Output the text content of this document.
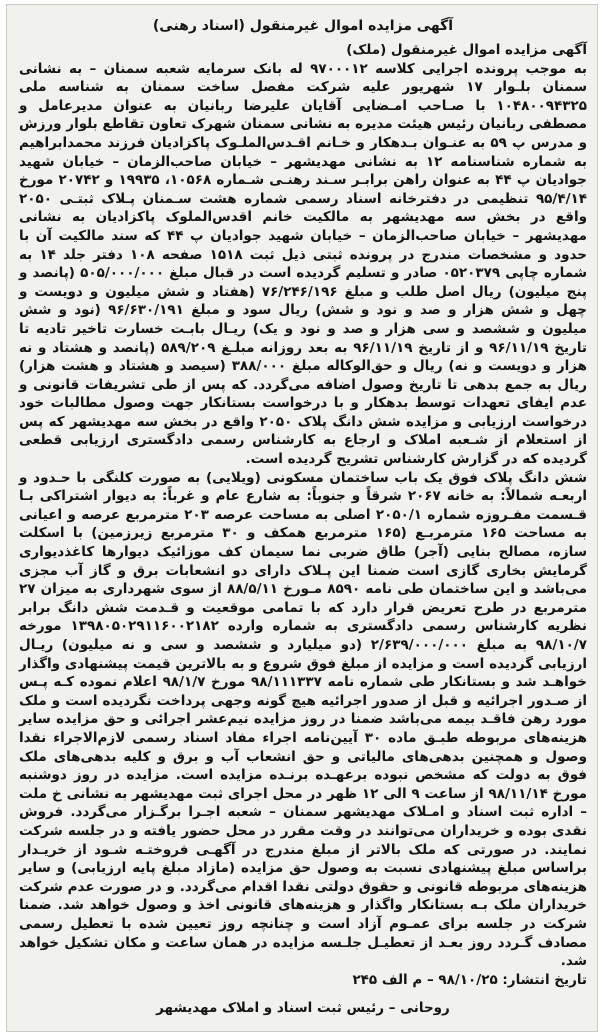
آگهی مزایده اموال غیرمنقول (اسناد رهنی)

آگهی مزایده اموال غیرمنقول (ملک)

به موجب پرونده اجرایی کلاسه ۹۷۰۰۰۱۲ له بانک سرمایه شعبه سمنان – به نشانی سمنان بلـوار ۱۷ شهریور علیه شرکت مفصل ساخت سمنان به شناسه ملی ۱۰۴۸۰۰۹۴۳۲۵ با صـاحب امـضایی آقایان علیرضا ربانیان به عنوان مدیرعامل و مصطفی ربانیان رئیس هیئت مدیره به نشانی سمنان شهرک تعاون تقاطع بلوار ورزش و مدرس پ ۵۹ به عنـوان بـدهکار و خـانم اقـدس‌الملـوک پاکزادیان فرزند محمدابراهیم به شماره شناسنامه ۱۲ به نشانی مهدیشهر – خیابان صاحب‌الزمان – خیابان شهید جوادیان پ ۴۴ به عنوان راهن برابـر سـند رهنـی شـماره ۱۰۵۶۸، ۱۹۹۳۵ و ۲۰۷۴۲ مورخ ۹۵/۴/۱۴ تنظیمی در دفترخانه اسناد رسمی شماره هشت سـمنان پـلاک ثبتـی ۲۰۵۰ واقع در بخش سه مهدیشهر به مالکیت خانم اقدس‌الملوک پاکزادیان به نشانی مهدیشهر – خیابان صاحب‌الزمان – خیابان شهید جوادیان پ ۴۴ که سند مالکیت آن با حدود و مشخصات مندرج در پرونده ثبتی ذیل ثبت ۱۵۱۸ صفحه ۱۰۸ دفتر جلد ۱۴ به شماره چاپی ۰۵۲۰۳۷۹ صادر و تسلیم گردیده است در قبال مبلغ ۵۰۵/۰۰۰/۰۰۰ (پانصد و پنج میلیون) ریال اصل طلب و مبلغ ۷۶/۲۴۶/۱۹۶ (هفتاد و شش میلیون و دویست و چهل و شش هزار و صد و نود و شش) ریال سود و مبلغ ۹۶/۶۳۰/۱۹۱ (نود و شش میلیون و ششصد و سی هزار و صد و نود و یک) ریـال بابـت خسارت تاخیر تادیه تا تاریخ ۹۶/۱۱/۱۹ و از تاریخ ۹۶/۱۱/۱۹ به بعد روزانه مبلـغ ۵۸۹/۲۰۹ (پانصد و هشتاد و نه هزار و دویست و نه) ریال و حق‌الوکاله مبلغ ۳۸۸/۰۰۰ (سیصد و هشتاد و هشت هزار) ریال به جمع بدهی تا تاریخ وصول اضافه می‌گردد. که پس از طی تشریفات قانونی و عدم ایفای تعهدات توسط بدهکار و با درخواست بستانکار جهت وصول مطالبات خود درخواست ارزیابی و مزایده شش دانگ پلاک ۲۰۵۰ واقع در بخش سه مهدیشهر که پس از استعلام از شـعبه املاک و ارجاع به کارشناس رسمی دادگستری ارزیابی قطعی گردیده که در گزارش کارشناس تشریح گردیده است.

شش دانگ پلاک فوق یک باب ساختمان مسکونی (ویلایی) به صورت کلنگی با حـدود و اربعـه شمالاً: به خانه ۲۰۶۷ شرقاً و جنوباً: به شارع عام و غرباً: به دیوار اشتراکی بـا قـسمت مفـروزه شماره ۲۰۵۰/۱ اصلی به مساحت عرصه ۲۰۳ مترمربع عرصه و اعیانی به مساحت ۱۶۵ مترمربـع (۱۶۵ مترمربع همکف و ۳۰ مترمربع زیرزمین) با اسکلت سازه، مصالح بنایی (آجر) طاق ضربی نما سیمان کف موزائیک دیوارها کاغذدیواری گرمایش بخاری گازی است ضمنا این پـلاک دارای دو انشعابات برق و گاز آب مجزی می‌باشد و این ساختمان طی نامه ۸۵۹۰ مـورخ ۸۸/۵/۱۱ از سوی شهرداری به میزان ۲۷ مترمربع در طرح تعریض قرار دارد که با تمامی موقعیت و قـدمت شش دانگ برابر نظریه کارشناس رسمی دادگستری به شماره وارده ۱۳۹۸۰۵۰۲۹۱۱۶۰۰۲۱۸۲ مورخه ۹۸/۱۰/۷ به مبلغ ۲/۶۳۹/۰۰۰/۰۰۰ (دو میلیارد و ششصد و سی و نه میلیون) ریـال ارزیابی گردیده است و مزایده از مبلغ فوق شروع و به بالاترین قیمت پیشنهادی واگذار خواهـد شد و بستانکار طی شماره نامه ۹۸/۱۱۱۳۳۷ مورخ ۹۸/۱/۷ اعلام نموده کـه پـس از صـدور اجرائیه و قبل از صدور اجرائیه هیچ گونه وجهی پرداخت نگردیده است و ملک مورد رهن فاقـد بیمه می‌باشد ضمنا در روز مزایده نیم‌عشر اجرائی و حق مزایده سایر هزینه‌های مربوطه طبـق ماده ۳۰ آیین‌نامه اجراء مفاد اسناد رسمی لازم‌الاجراء نقدا وصول و همچنین بدهی‌های مالیاتی و حق انشعاب آب و برق و کلیه بدهی‌های ملک فوق به دولت که مشخص نبوده برعهـده برنـده مزایده است. مزایده در روز دوشنبه مورخ ۹۸/۱۱/۱۴ از ساعت ۹ الی ۱۲ ظهر در محل اجرای ثبت مهدیشهر به نشانی خ ملت – اداره ثبت اسناد و امـلاک مهدیشهر سمنان – شعبه اجـرا برگـزار می‌گردد. فروش نقدی بوده و خریداران می‌توانند در وقت مقرر در محل حضور یافته و در جلسه شرکت نمایند. در صورتی که ملک بالاتر از مبلغ مندرج در آگهـی فروختـه شـود از خریـدار براساس مبلغ پیشنهادی نسبت به وصول حق مزایده (مازاد مبلغ پایه ارزیابی) و سایر هزینه‌های مربوطه قانونی و حقوق دولتی نقدا اقدام می‌گردد. و در صورت عدم شرکت خریداران ملک بـه بستانکار واگذار و هزینه‌های قانونی اخذ و وصول خواهد شد. ضمنا شرکت در جلسه برای عمـوم آزاد است و چنانچه روز تعیین شده با تعطیل رسمی مصادف گـردد روز بعـد از تعطیـل جلـسه مزایده در همان ساعت و مکان تشکیل خواهد شد.

تاریخ انتشار: ۹۸/۱۰/۲۵ – م الف ۲۴۵

روحانی – رئیس ثبت اسناد و املاک مهدیشهر
